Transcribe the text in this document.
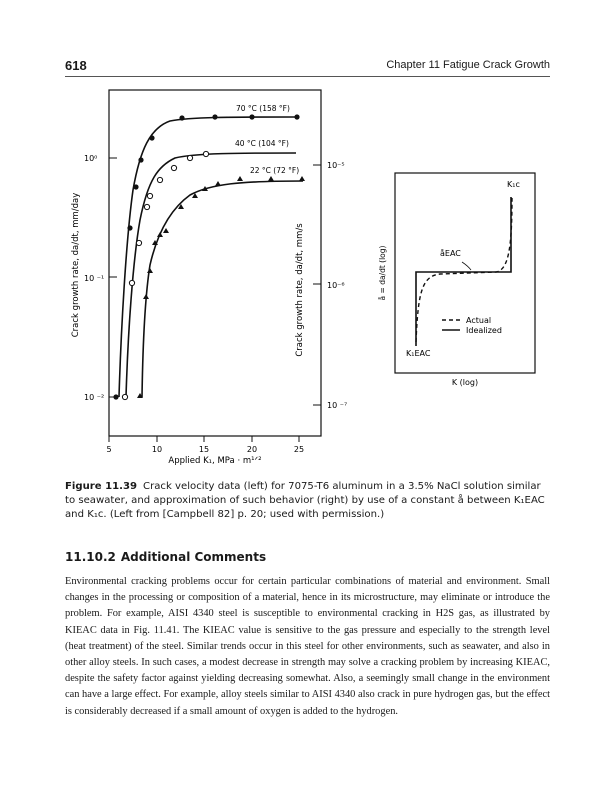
618	Chapter 11 Fatigue Crack Growth
10⁰
10 ⁻¹
10 ⁻²
10⁻⁵
10⁻⁶
10 ⁻⁷
5	10	15	20	25
Applied K₁, MPa · m¹ᐟ²
Crack growth rate, da/dt, mm/day	Crack growth rate, da/dt, mm/s
70 °C (158 °F)
40 °C (104 °F)
22 °C (72 °F)
K₁c
åEAC
K₁EAC
å = da/dt (log)
K (log)
Actual
Idealized
Figure 11.39 Crack velocity data (left) for 7075-T6 aluminum in a 3.5% NaCl solution similar to seawater, and approximation of such behavior (right) by use of a constant å between K₁EAC and K₁c. (Left from [Campbell 82] p. 20; used with permission.)
11.10.2 Additional Comments

Environmental cracking problems occur for certain particular combinations of material and environment. Small changes in the processing or composition of a material, hence in its microstructure, may eliminate or introduce the problem. For example, AISI 4340 steel is susceptible to environmental cracking in H2S gas, as illustrated by KIEAC data in Fig. 11.41. The KIEAC value is sensitive to the gas pressure and especially to the strength level (heat treatment) of the steel. Similar trends occur in this steel for other environments, such as seawater, and also in other alloy steels. In such cases, a modest decrease in strength may solve a cracking problem by increasing KIEAC, despite the safety factor against yielding decreasing somewhat. Also, a seemingly small change in the environment can have a large effect. For example, alloy steels similar to AISI 4340 also crack in pure hydrogen gas, but the effect is considerably decreased if a small amount of oxygen is added to the hydrogen.
